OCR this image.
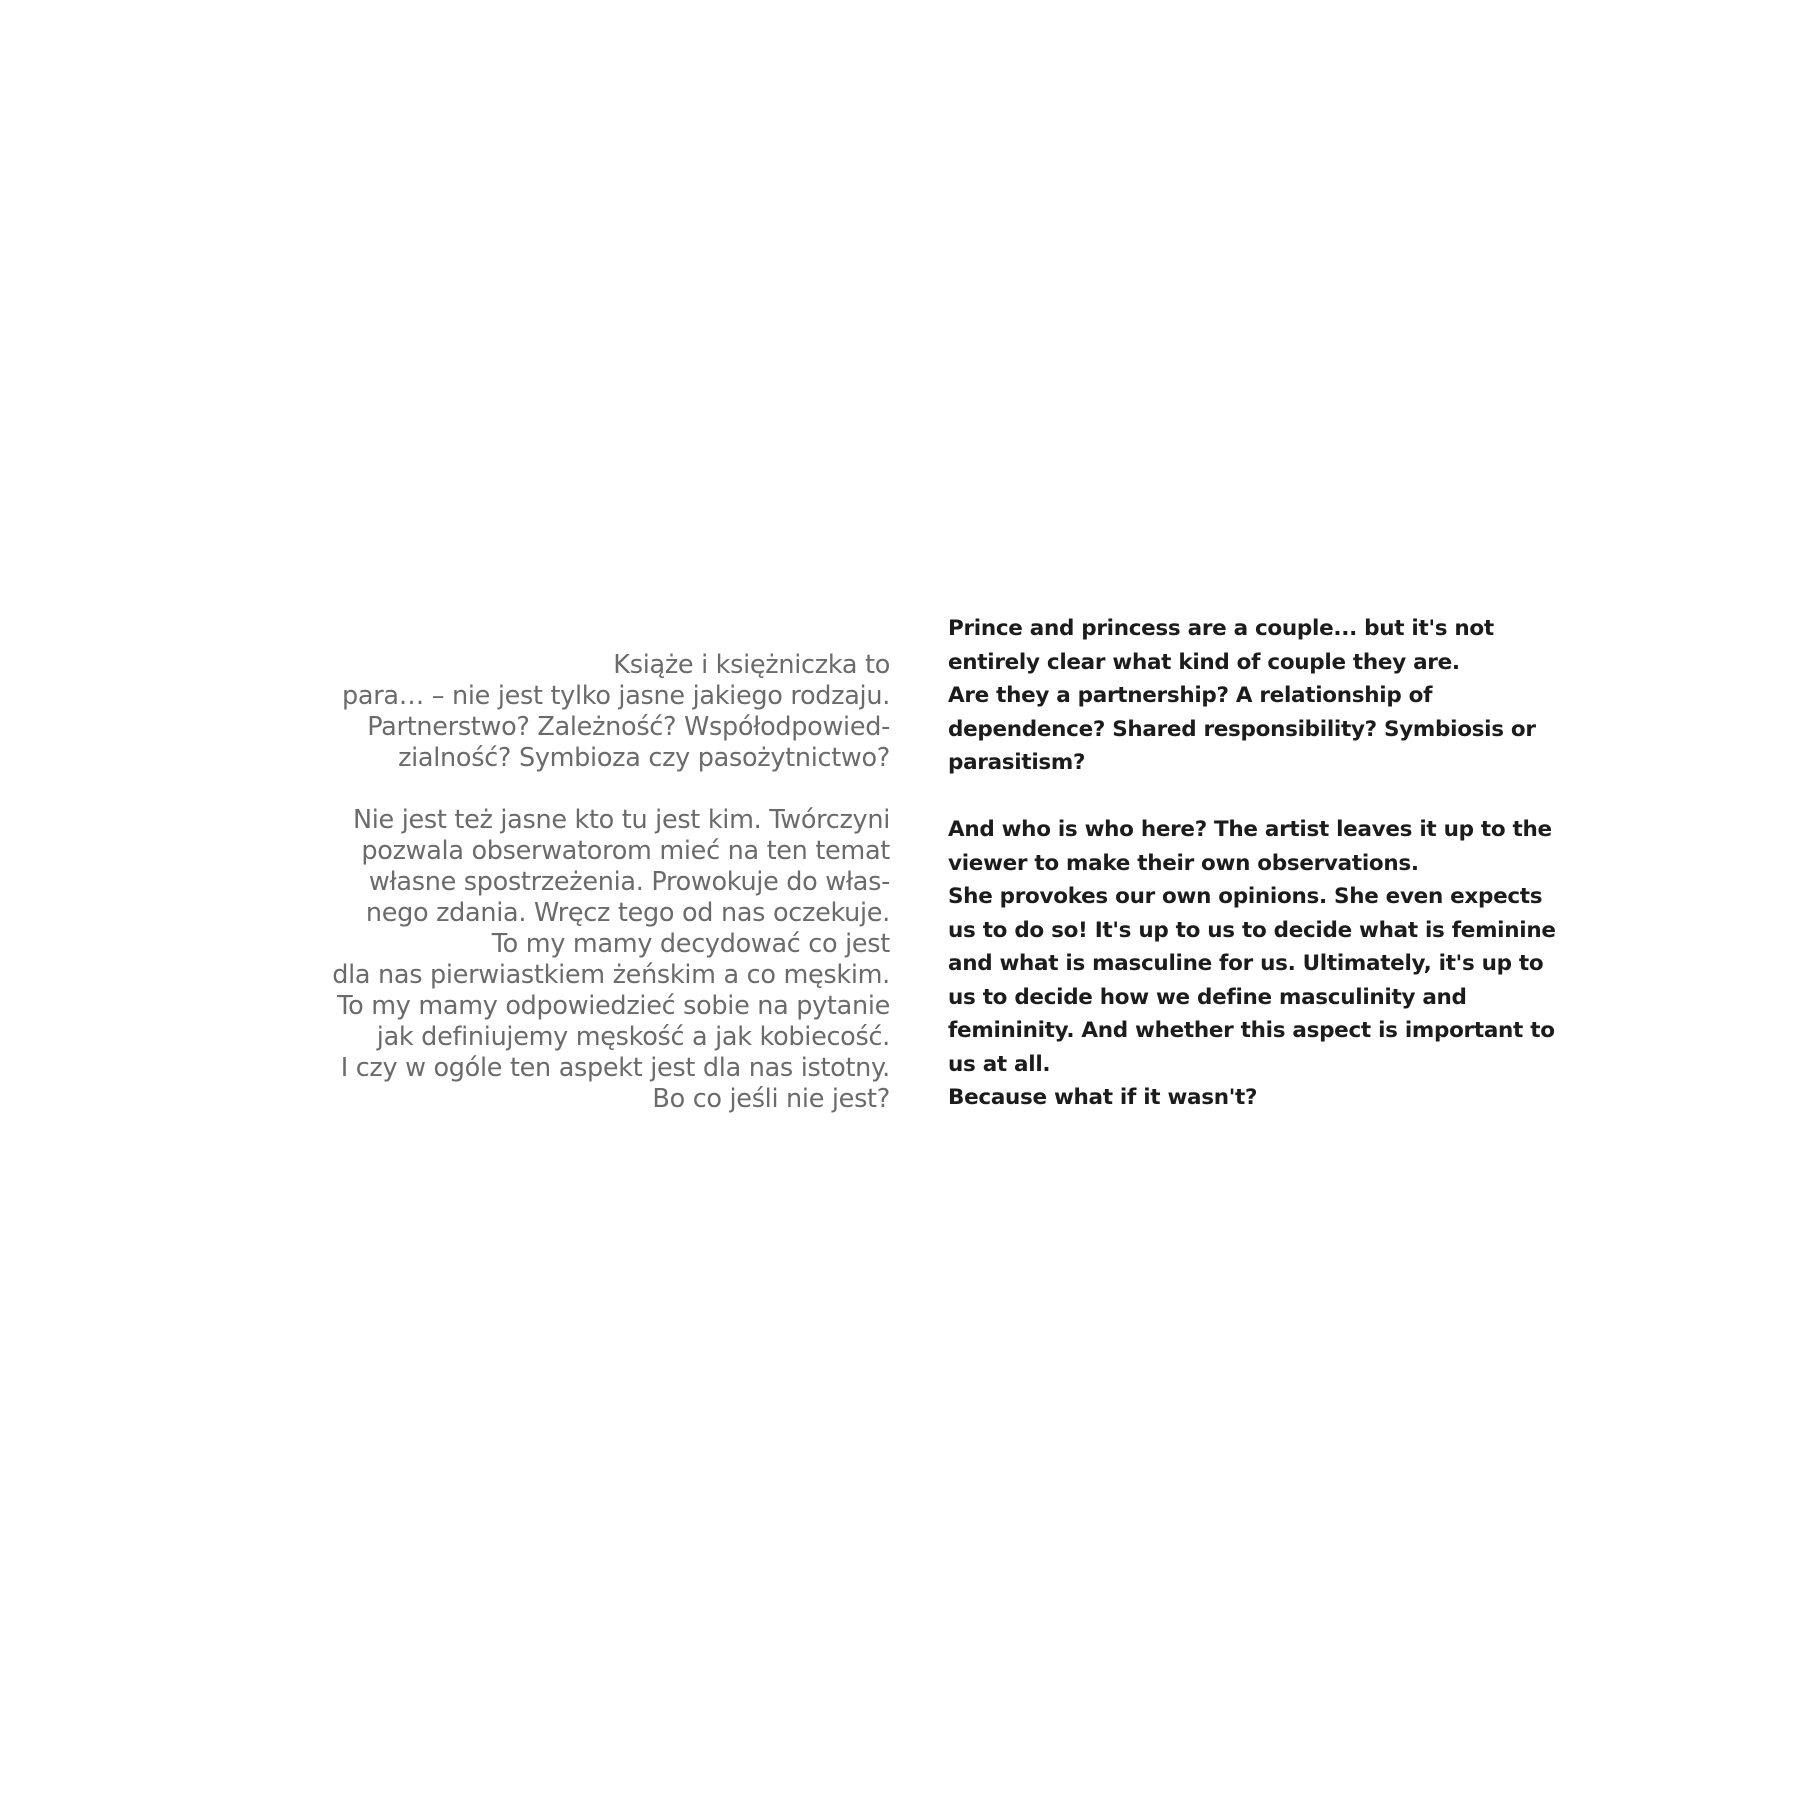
Książe i księżniczka to
para… – nie jest tylko jasne jakiego rodzaju.
Partnerstwo? Zależność? Współodpowied-
zialność? Symbioza czy pasożytnictwo?

Nie jest też jasne kto tu jest kim. Twórczyni
pozwala obserwatorom mieć na ten temat
własne spostrzeżenia. Prowokuje do włas-
nego zdania. Wręcz tego od nas oczekuje.
To my mamy decydować co jest
dla nas pierwiastkiem żeńskim a co męskim.
To my mamy odpowiedzieć sobie na pytanie
jak definiujemy męskość a jak kobiecość.
I czy w ogóle ten aspekt jest dla nas istotny.
Bo co jeśli nie jest?

Prince and princess are a couple... but it's not
entirely clear what kind of couple they are.
Are they a partnership? A relationship of
dependence? Shared responsibility? Symbiosis or
parasitism?

And who is who here? The artist leaves it up to the
viewer to make their own observations.
She provokes our own opinions. She even expects
us to do so! It's up to us to decide what is feminine
and what is masculine for us. Ultimately, it's up to
us to decide how we define masculinity and
femininity. And whether this aspect is important to
us at all.
Because what if it wasn't?
